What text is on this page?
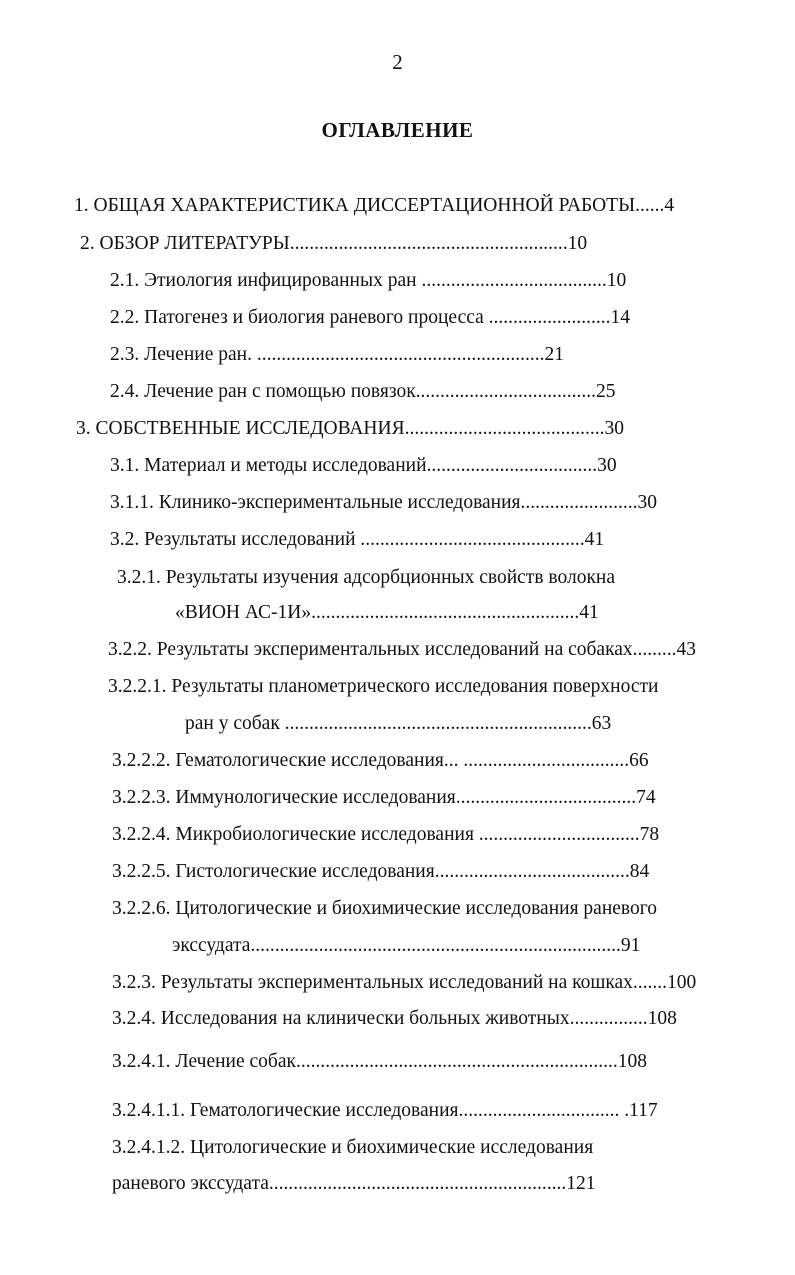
2
ОГЛАВЛЕНИЕ
1. ОБЩАЯ ХАРАКТЕРИСТИКА ДИССЕРТАЦИОННОЙ РАБОТЫ......4
2. ОБЗОР ЛИТЕРАТУРЫ.........................................................10
2.1. Этиология инфицированных ран ......................................10
2.2. Патогенез и биология раневого процесса .........................14
2.3. Лечение ран. ...........................................................21
2.4. Лечение ран с помощью повязок.....................................25
3. СОБСТВЕННЫЕ ИССЛЕДОВАНИЯ.........................................30
3.1. Материал и методы исследований...................................30
3.1.1. Клинико-экспериментальные исследования........................30
3.2. Результаты исследований ..............................................41
3.2.1. Результаты изучения адсорбционных свойств волокна
«ВИОН АС-1И».......................................................41
3.2.2. Результаты экспериментальных исследований на собаках.........43
3.2.2.1. Результаты планометрического исследования поверхности
ран у собак ...............................................................63
3.2.2.2. Гематологические исследования... ..................................66
3.2.2.3. Иммунологические исследования.....................................74
3.2.2.4. Микробиологические исследования .................................78
3.2.2.5. Гистологические исследования........................................84
3.2.2.6. Цитологические и биохимические исследования раневого
экссудата............................................................................91
3.2.3. Результаты экспериментальных исследований на кошках.......100
3.2.4. Исследования на клинически больных животных................108
3.2.4.1. Лечение собак..................................................................108
3.2.4.1.1. Гематологические исследования................................. .117
3.2.4.1.2. Цитологические и биохимические исследования
раневого экссудата.............................................................121
